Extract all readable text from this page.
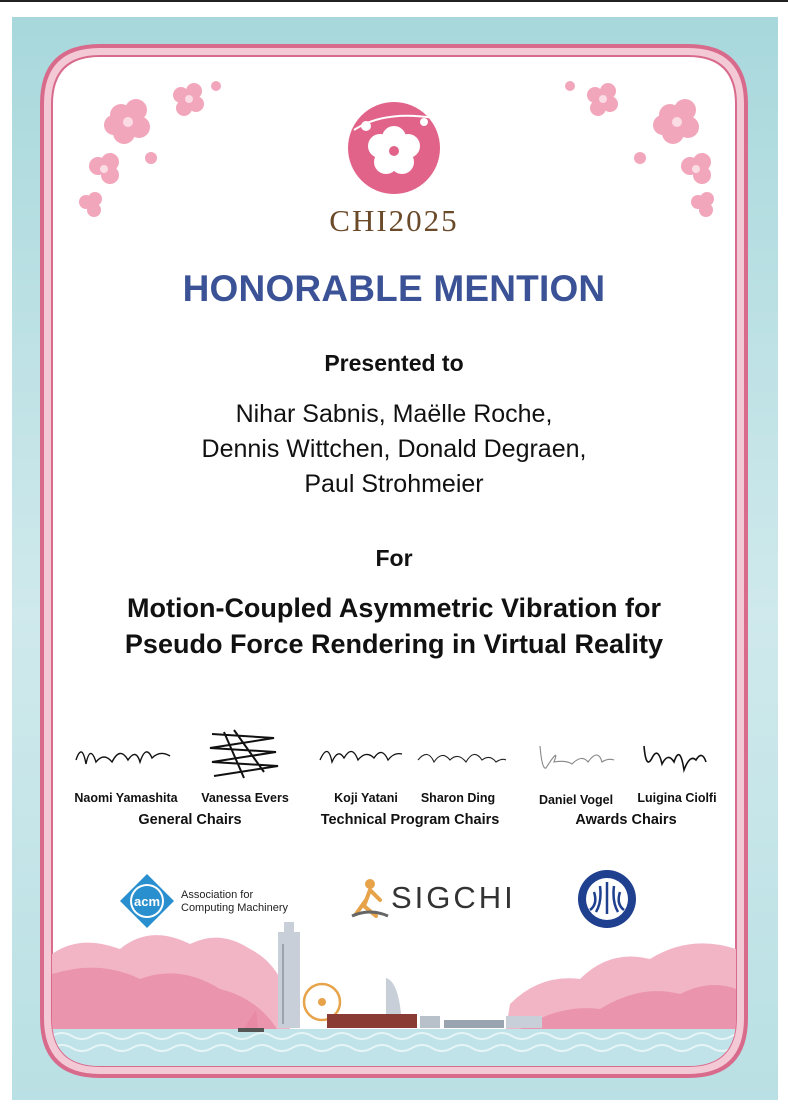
CHI2025
HONORABLE MENTION
Presented to
Nihar Sabnis, Maëlle Roche,
Dennis Wittchen, Donald Degraen,
Paul Strohmeier
For
Motion-Coupled Asymmetric Vibration for
Pseudo Force Rendering in Virtual Reality
Naomi Yamashita	Vanessa Evers
General Chairs
Koji Yatani	Sharon Ding
Technical Program Chairs
Daniel Vogel	Luigina Ciolfi
Awards Chairs
acm Association for
Computing Machinery	SIGCHI
